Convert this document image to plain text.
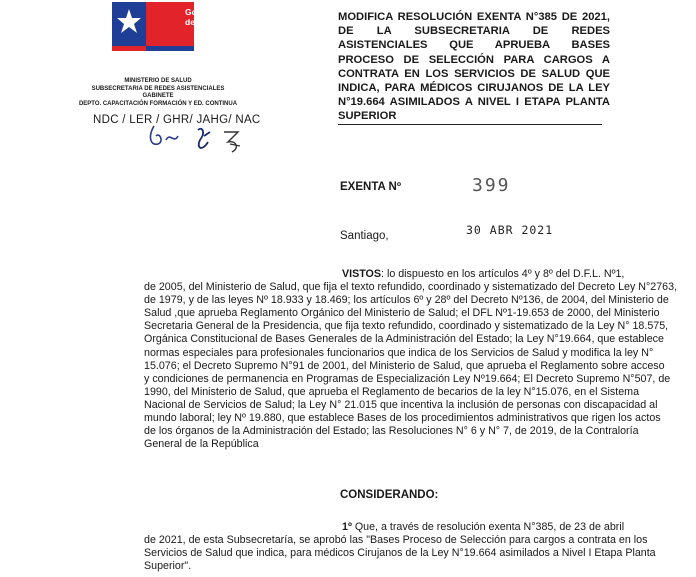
Gobierno
de Chile
MINISTERIO DE SALUD
SUBSECRETARIA DE REDES ASISTENCIALES
GABINETE
DEPTO. CAPACITACIÓN FORMACIÓN Y ED. CONTINUA
NDC / LER / GHR/ JAHG/ NAC
MODIFICA RESOLUCIÓN EXENTA N°385 DE 2021, DE LA SUBSECRETARIA DE REDES ASISTENCIALES QUE APRUEBA BASES PROCESO DE SELECCIÓN PARA CARGOS A CONTRATA EN LOS SERVICIOS DE SALUD QUE INDICA, PARA MÉDICOS CIRUJANOS DE LA LEY N°19.664 ASIMILADOS A NIVEL I ETAPA PLANTA SUPERIOR
EXENTA Nº	399
Santiago,	30 ABR 2021
VISTOS: lo dispuesto en los artículos 4º y 8º del D.F.L. Nº1,
de 2005, del Ministerio de Salud, que fija el texto refundido, coordinado y sistematizado del Decreto Ley N°2763,
de 1979, y de las leyes Nº 18.933 y 18.469; los artículos 6º y 28º del Decreto Nº136, de 2004, del Ministerio de
Salud ,que aprueba Reglamento Orgánico del Ministerio de Salud; el DFL Nº1-19.653 de 2000, del Ministerio
Secretaria General de la Presidencia, que fija texto refundido, coordinado y sistematizado de la Ley N° 18.575,
Orgánica Constitucional de Bases Generales de la Administración del Estado; la Ley N°19.664, que establece
normas especiales para profesionales funcionarios que indica de los Servicios de Salud y modifica la ley N°
15.076; el Decreto Supremo N°91 de 2001, del Ministerio de Salud, que aprueba el Reglamento sobre acceso
y condiciones de permanencia en Programas de Especialización Ley Nº19.664; El Decreto Supremo N°507, de
1990, del Ministerio de Salud, que aprueba el Reglamento de becarios de la ley N°15.076, en el Sistema
Nacional de Servicios de Salud; la Ley N° 21.015 que incentiva la inclusión de personas con discapacidad al
mundo laboral; ley Nº 19.880, que establece Bases de los procedimientos administrativos que rigen los actos
de los órganos de la Administración del Estado; las Resoluciones N° 6 y N° 7, de 2019, de la Contraloría
General de la República
CONSIDERANDO:
1º Que, a través de resolución exenta N°385, de 23 de abril
de 2021, de esta Subsecretaría, se aprobó las "Bases Proceso de Selección para cargos a contrata en los
Servicios de Salud que indica, para médicos Cirujanos de la Ley N°19.664 asimilados a Nivel I Etapa Planta
Superior".
